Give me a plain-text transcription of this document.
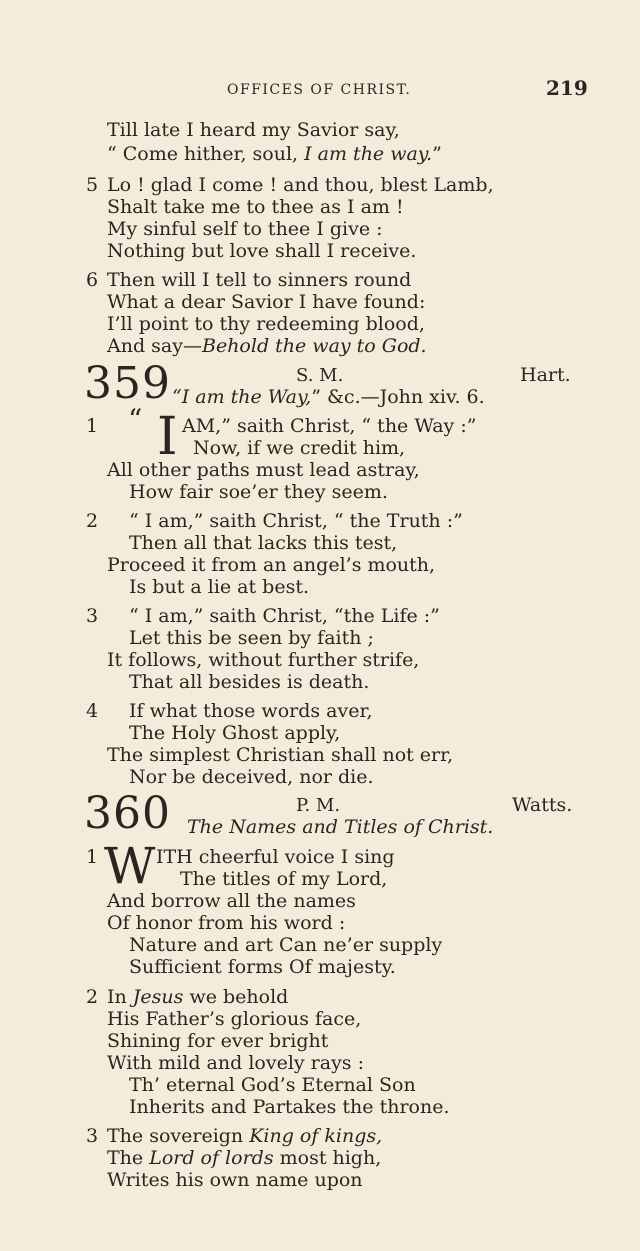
OFFICES OF CHRIST.	219
Till late I heard my Savior say,
“ Come hither, soul, I am the way.”
5 Lo ! glad I come ! and thou, blest Lamb,
Shalt take me to thee as I am !
My sinful self to thee I give :
Nothing but love shall I receive.
6 Then will I tell to sinners round
What a dear Savior I have found:
I’ll point to thy redeeming blood,
And say—Behold the way to God.
359	S. M.	Hart.
“I am the Way,” &c.—John xiv. 6.
1 “ I AM,” saith Christ, “ the Way :”
Now, if we credit him,
All other paths must lead astray,
How fair soe’er they seem.
2 “ I am,” saith Christ, “ the Truth :”
Then all that lacks this test,
Proceed it from an angel’s mouth,
Is but a lie at best.
3 “ I am,” saith Christ, “the Life :”
Let this be seen by faith ;
It follows, without further strife,
That all besides is death.
4 If what those words aver,
The Holy Ghost apply,
The simplest Christian shall not err,
Nor be deceived, nor die.
360	P. M.	Watts.
The Names and Titles of Christ.
1 W ITH cheerful voice I sing
The titles of my Lord,
And borrow all the names
Of honor from his word :
Nature and art Can ne’er supply
Sufficient forms Of majesty.
2 In Jesus we behold
His Father’s glorious face,
Shining for ever bright
With mild and lovely rays :
Th’ eternal God’s Eternal Son
Inherits and Partakes the throne.
3 The sovereign King of kings,
The Lord of lords most high,
Writes his own name upon
